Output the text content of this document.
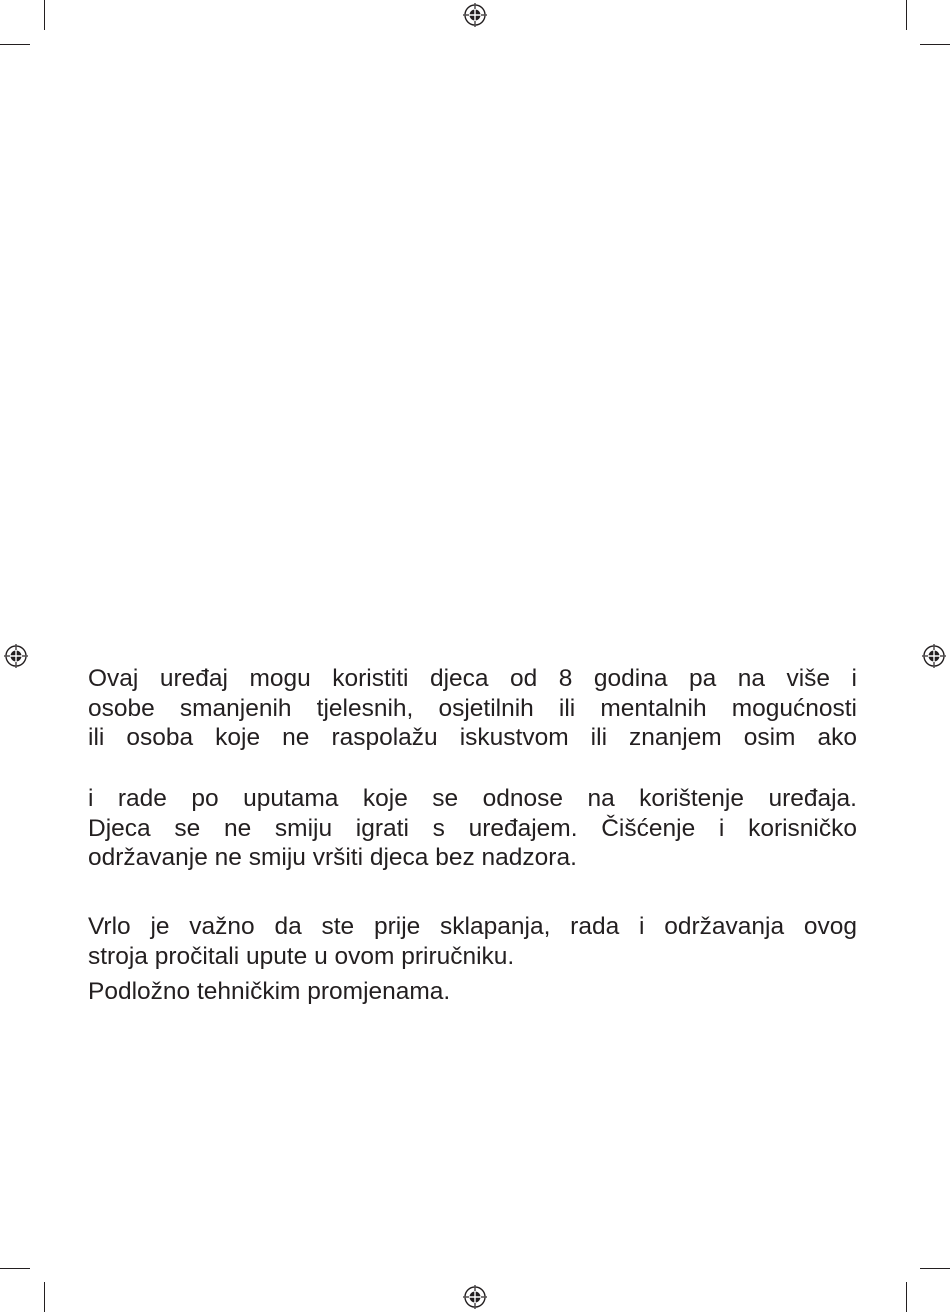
Ovaj uređaj mogu koristiti djeca od 8 godina pa na više i
osobe smanjenih tjelesnih, osjetilnih ili mentalnih mogućnosti
ili osoba koje ne raspolažu iskustvom ili znanjem osim ako
i rade po uputama koje se odnose na korištenje uređaja.
Djeca se ne smiju igrati s uređajem. Čišćenje i korisničko
održavanje ne smiju vršiti djeca bez nadzora.
Vrlo je važno da ste prije sklapanja, rada i održavanja ovog
stroja pročitali upute u ovom priručniku.
Podložno tehničkim promjenama.
